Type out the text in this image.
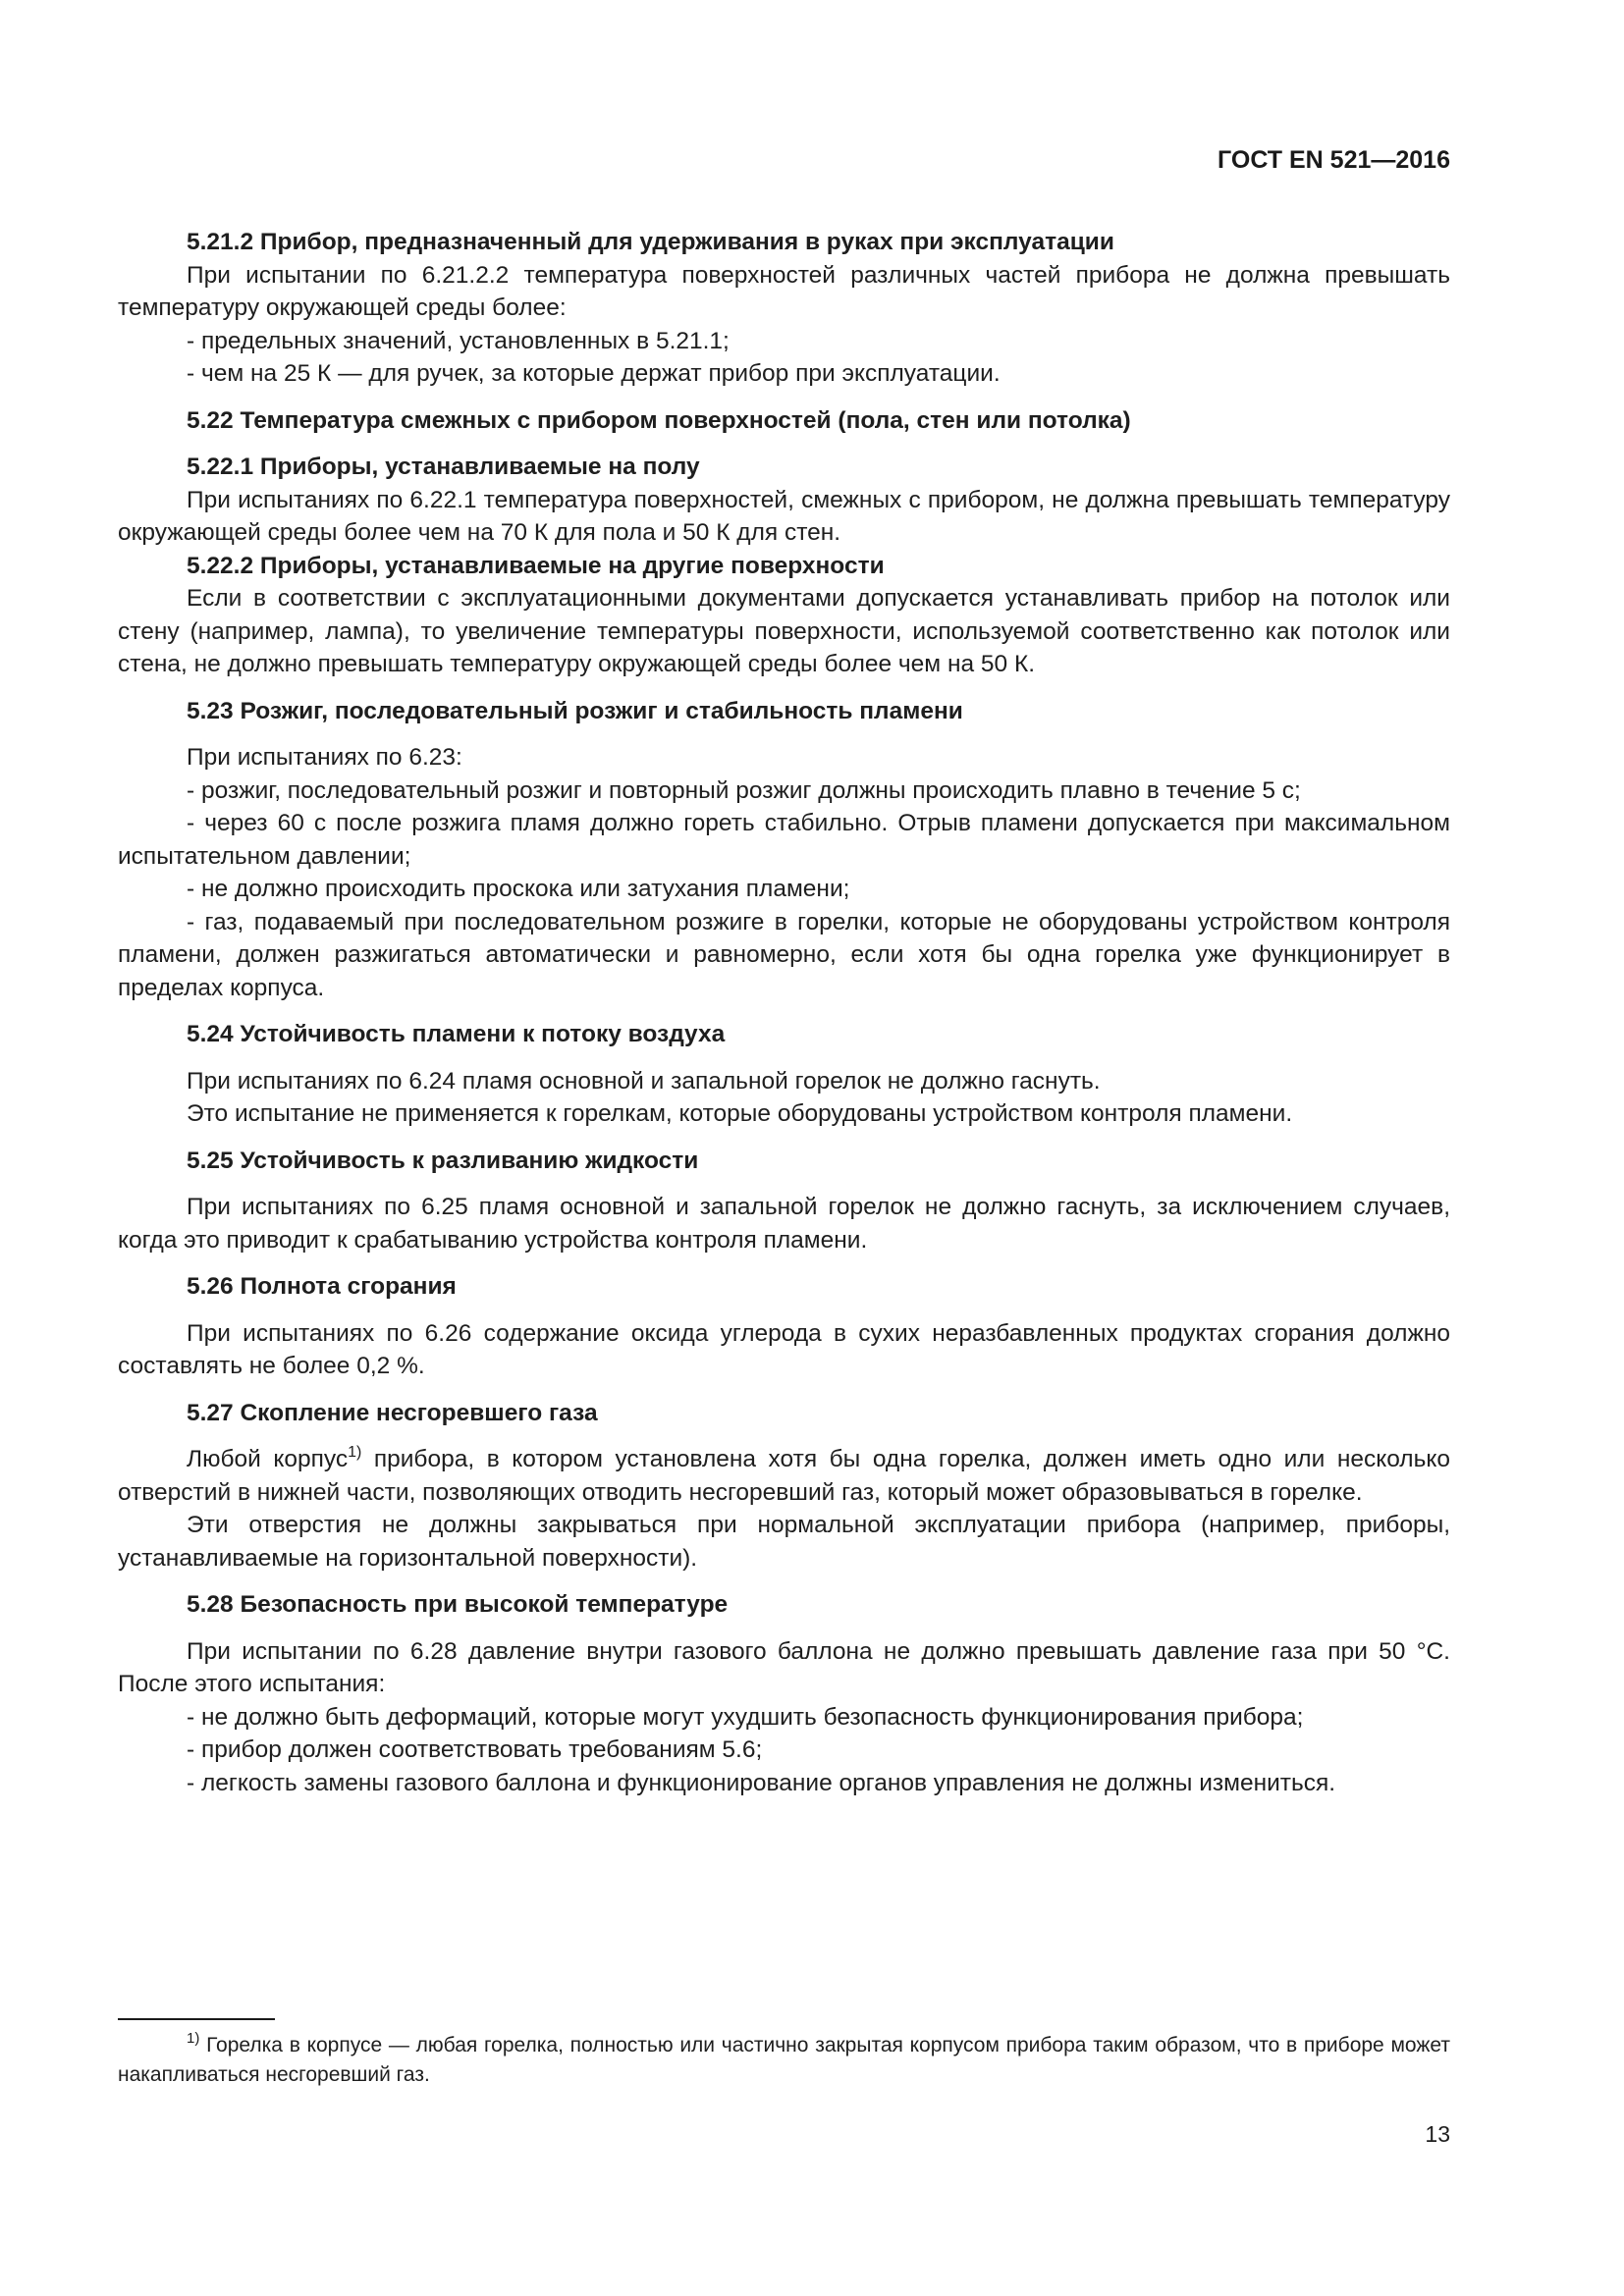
ГОСТ EN 521—2016

5.21.2 Прибор, предназначенный для удерживания в руках при эксплуатации

При испытании по 6.21.2.2 температура поверхностей различных частей прибора не должна превышать температуру окружающей среды более:

- предельных значений, установленных в 5.21.1;

- чем на 25 К — для ручек, за которые держат прибор при эксплуатации.

5.22 Температура смежных с прибором поверхностей (пола, стен или потолка)

5.22.1 Приборы, устанавливаемые на полу

При испытаниях по 6.22.1 температура поверхностей, смежных с прибором, не должна превышать температуру окружающей среды более чем на 70 К для пола и 50 К для стен.

5.22.2 Приборы, устанавливаемые на другие поверхности

Если в соответствии с эксплуатационными документами допускается устанавливать прибор на потолок или стену (например, лампа), то увеличение температуры поверхности, используемой соответственно как потолок или стена, не должно превышать температуру окружающей среды более чем на 50 К.

5.23 Розжиг, последовательный розжиг и стабильность пламени

При испытаниях по 6.23:

- розжиг, последовательный розжиг и повторный розжиг должны происходить плавно в течение 5 с;

- через 60 с после розжига пламя должно гореть стабильно. Отрыв пламени допускается при максимальном испытательном давлении;

- не должно происходить проскока или затухания пламени;

- газ, подаваемый при последовательном розжиге в горелки, которые не оборудованы устройством контроля пламени, должен разжигаться автоматически и равномерно, если хотя бы одна горелка уже функционирует в пределах корпуса.

5.24 Устойчивость пламени к потоку воздуха

При испытаниях по 6.24 пламя основной и запальной горелок не должно гаснуть.

Это испытание не применяется к горелкам, которые оборудованы устройством контроля пламени.

5.25 Устойчивость к разливанию жидкости

При испытаниях по 6.25 пламя основной и запальной горелок не должно гаснуть, за исключением случаев, когда это приводит к срабатыванию устройства контроля пламени.

5.26 Полнота сгорания

При испытаниях по 6.26 содержание оксида углерода в сухих неразбавленных продуктах сгорания должно составлять не более 0,2 %.

5.27 Скопление несгоревшего газа

Любой корпус$^{1)}$ прибора, в котором установлена хотя бы одна горелка, должен иметь одно или несколько отверстий в нижней части, позволяющих отводить несгоревший газ, который может образовываться в горелке.

Эти отверстия не должны закрываться при нормальной эксплуатации прибора (например, приборы, устанавливаемые на горизонтальной поверхности).

5.28 Безопасность при высокой температуре

При испытании по 6.28 давление внутри газового баллона не должно превышать давление газа при 50 °С. После этого испытания:

- не должно быть деформаций, которые могут ухудшить безопасность функционирования прибора;

- прибор должен соответствовать требованиям 5.6;

- легкость замены газового баллона и функционирование органов управления не должны измениться.

$^{1)}$ Горелка в корпусе — любая горелка, полностью или частично закрытая корпусом прибора таким образом, что в приборе может накапливаться несгоревший газ.

13
